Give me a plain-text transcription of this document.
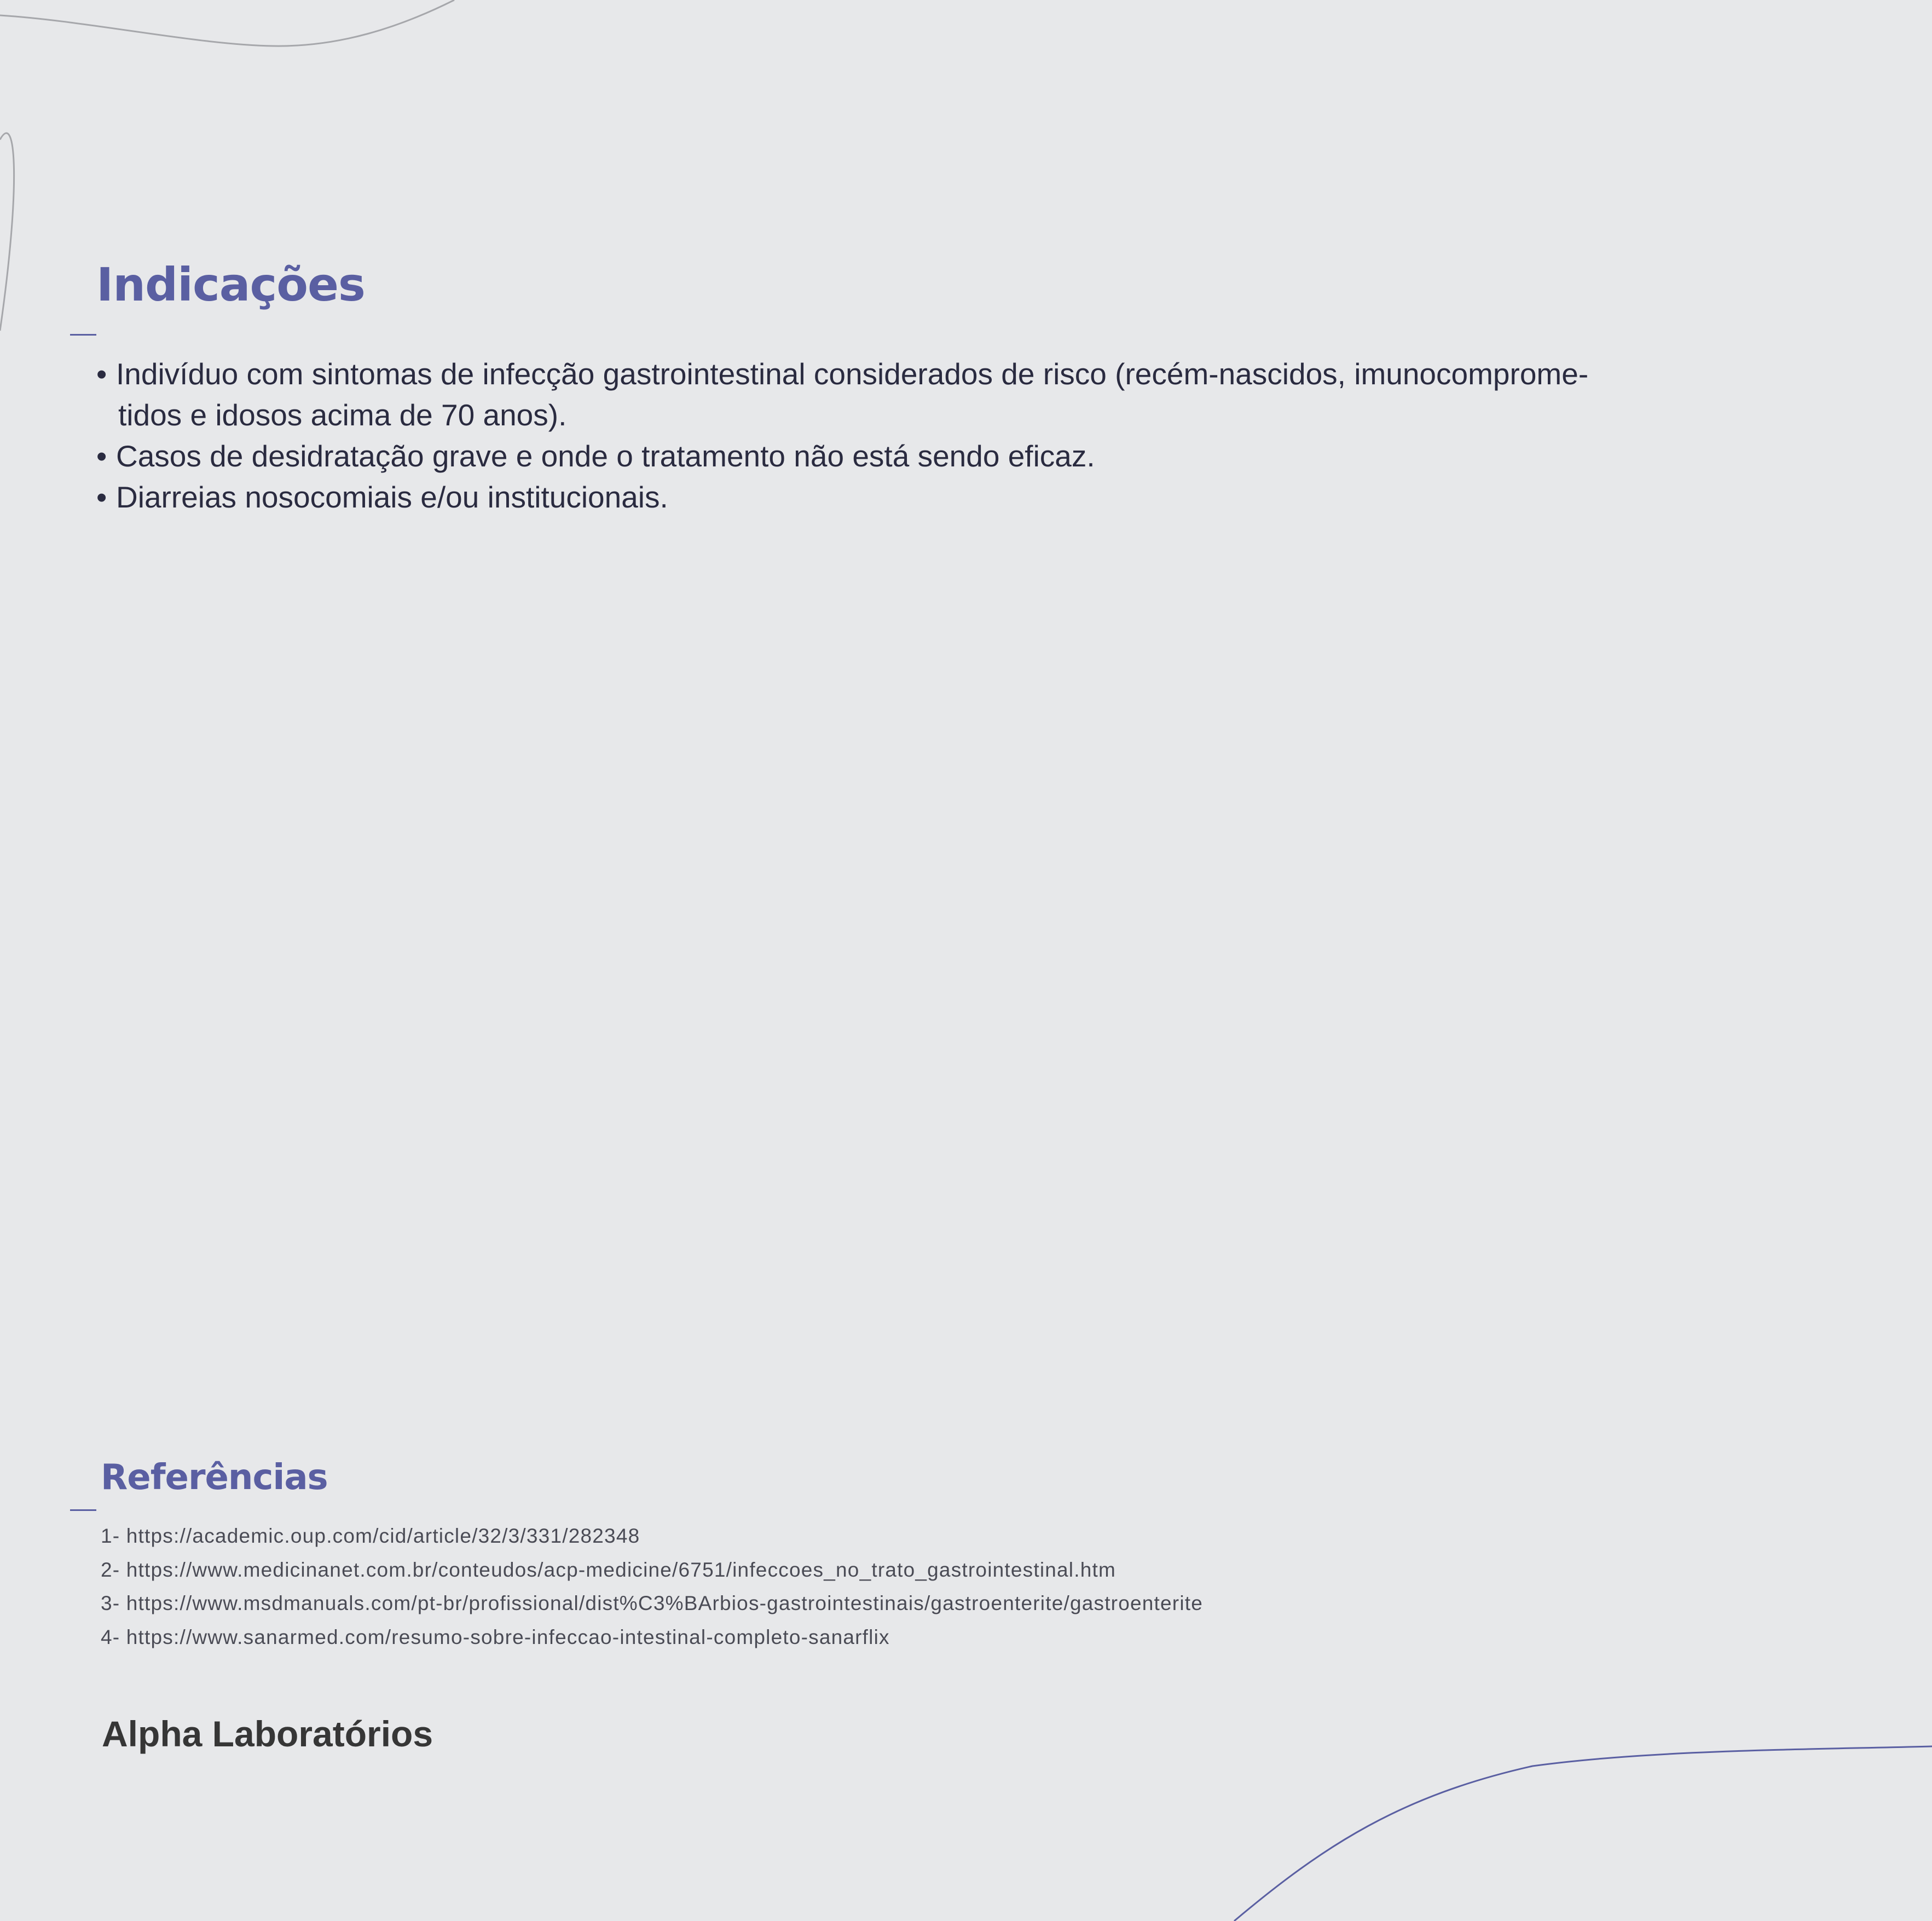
Indicações
• Indivíduo com sintomas de infecção gastrointestinal considerados de risco (recém-nascidos, imunocomprome-
tidos e idosos acima de 70 anos).
• Casos de desidratação grave e onde o tratamento não está sendo eficaz.
• Diarreias nosocomiais e/ou institucionais.
Referências
1- https://academic.oup.com/cid/article/32/3/331/282348
2- https://www.medicinanet.com.br/conteudos/acp-medicine/6751/infeccoes_no_trato_gastrointestinal.htm
3- https://www.msdmanuals.com/pt-br/profissional/dist%C3%BArbios-gastrointestinais/gastroenterite/gastroenterite
4- https://www.sanarmed.com/resumo-sobre-infeccao-intestinal-completo-sanarflix

Alpha Laboratórios
